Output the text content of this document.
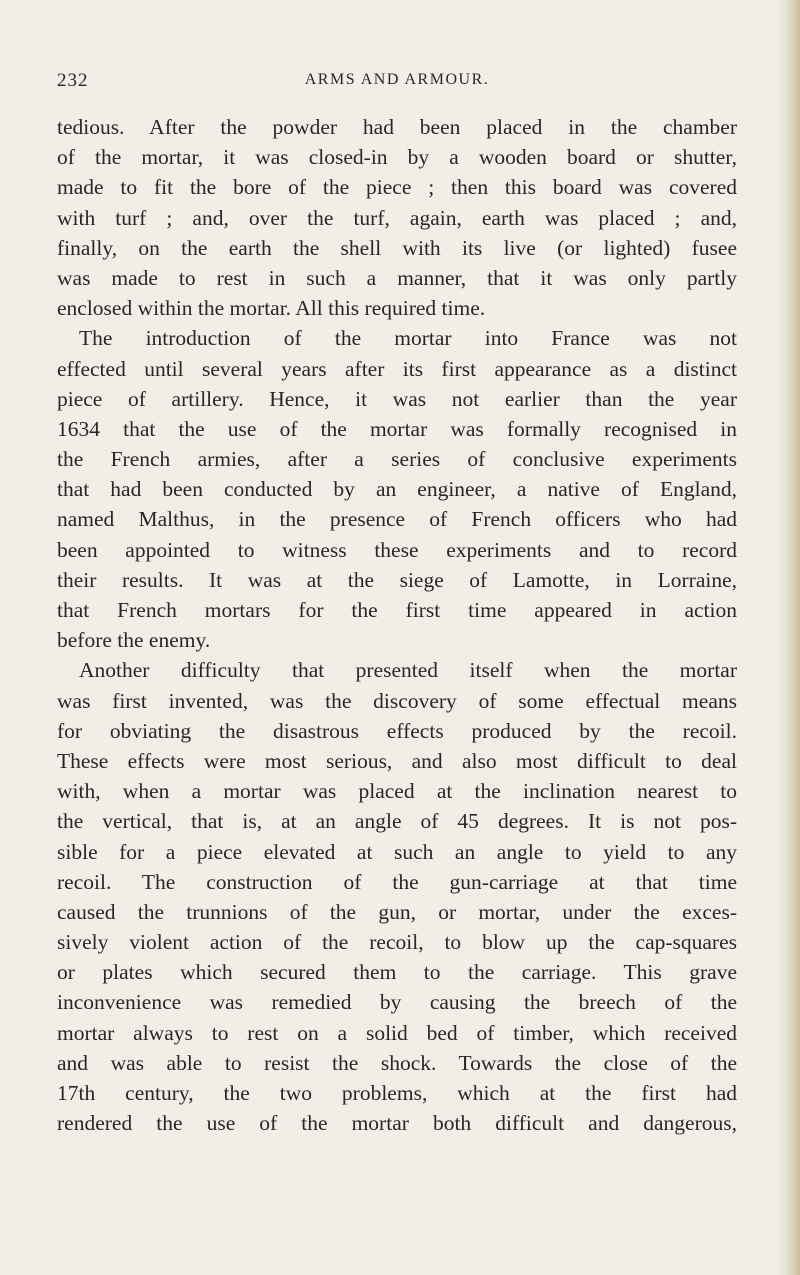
232	ARMS AND ARMOUR.
tedious. After the powder had been placed in the chamber
of the mortar, it was closed-in by a wooden board or shutter,
made to fit the bore of the piece ; then this board was covered
with turf ; and, over the turf, again, earth was placed ; and,
finally, on the earth the shell with its live (or lighted) fusee
was made to rest in such a manner, that it was only partly
enclosed within the mortar. All this required time.
The introduction of the mortar into France was not
effected until several years after its first appearance as a distinct
piece of artillery. Hence, it was not earlier than the year
1634 that the use of the mortar was formally recognised in
the French armies, after a series of conclusive experiments
that had been conducted by an engineer, a native of England,
named Malthus, in the presence of French officers who had
been appointed to witness these experiments and to record
their results. It was at the siege of Lamotte, in Lorraine,
that French mortars for the first time appeared in action
before the enemy.
Another difficulty that presented itself when the mortar
was first invented, was the discovery of some effectual means
for obviating the disastrous effects produced by the recoil.
These effects were most serious, and also most difficult to deal
with, when a mortar was placed at the inclination nearest to
the vertical, that is, at an angle of 45 degrees. It is not pos-
sible for a piece elevated at such an angle to yield to any
recoil. The construction of the gun-carriage at that time
caused the trunnions of the gun, or mortar, under the exces-
sively violent action of the recoil, to blow up the cap-squares
or plates which secured them to the carriage. This grave
inconvenience was remedied by causing the breech of the
mortar always to rest on a solid bed of timber, which received
and was able to resist the shock. Towards the close of the
17th century, the two problems, which at the first had
rendered the use of the mortar both difficult and dangerous,
